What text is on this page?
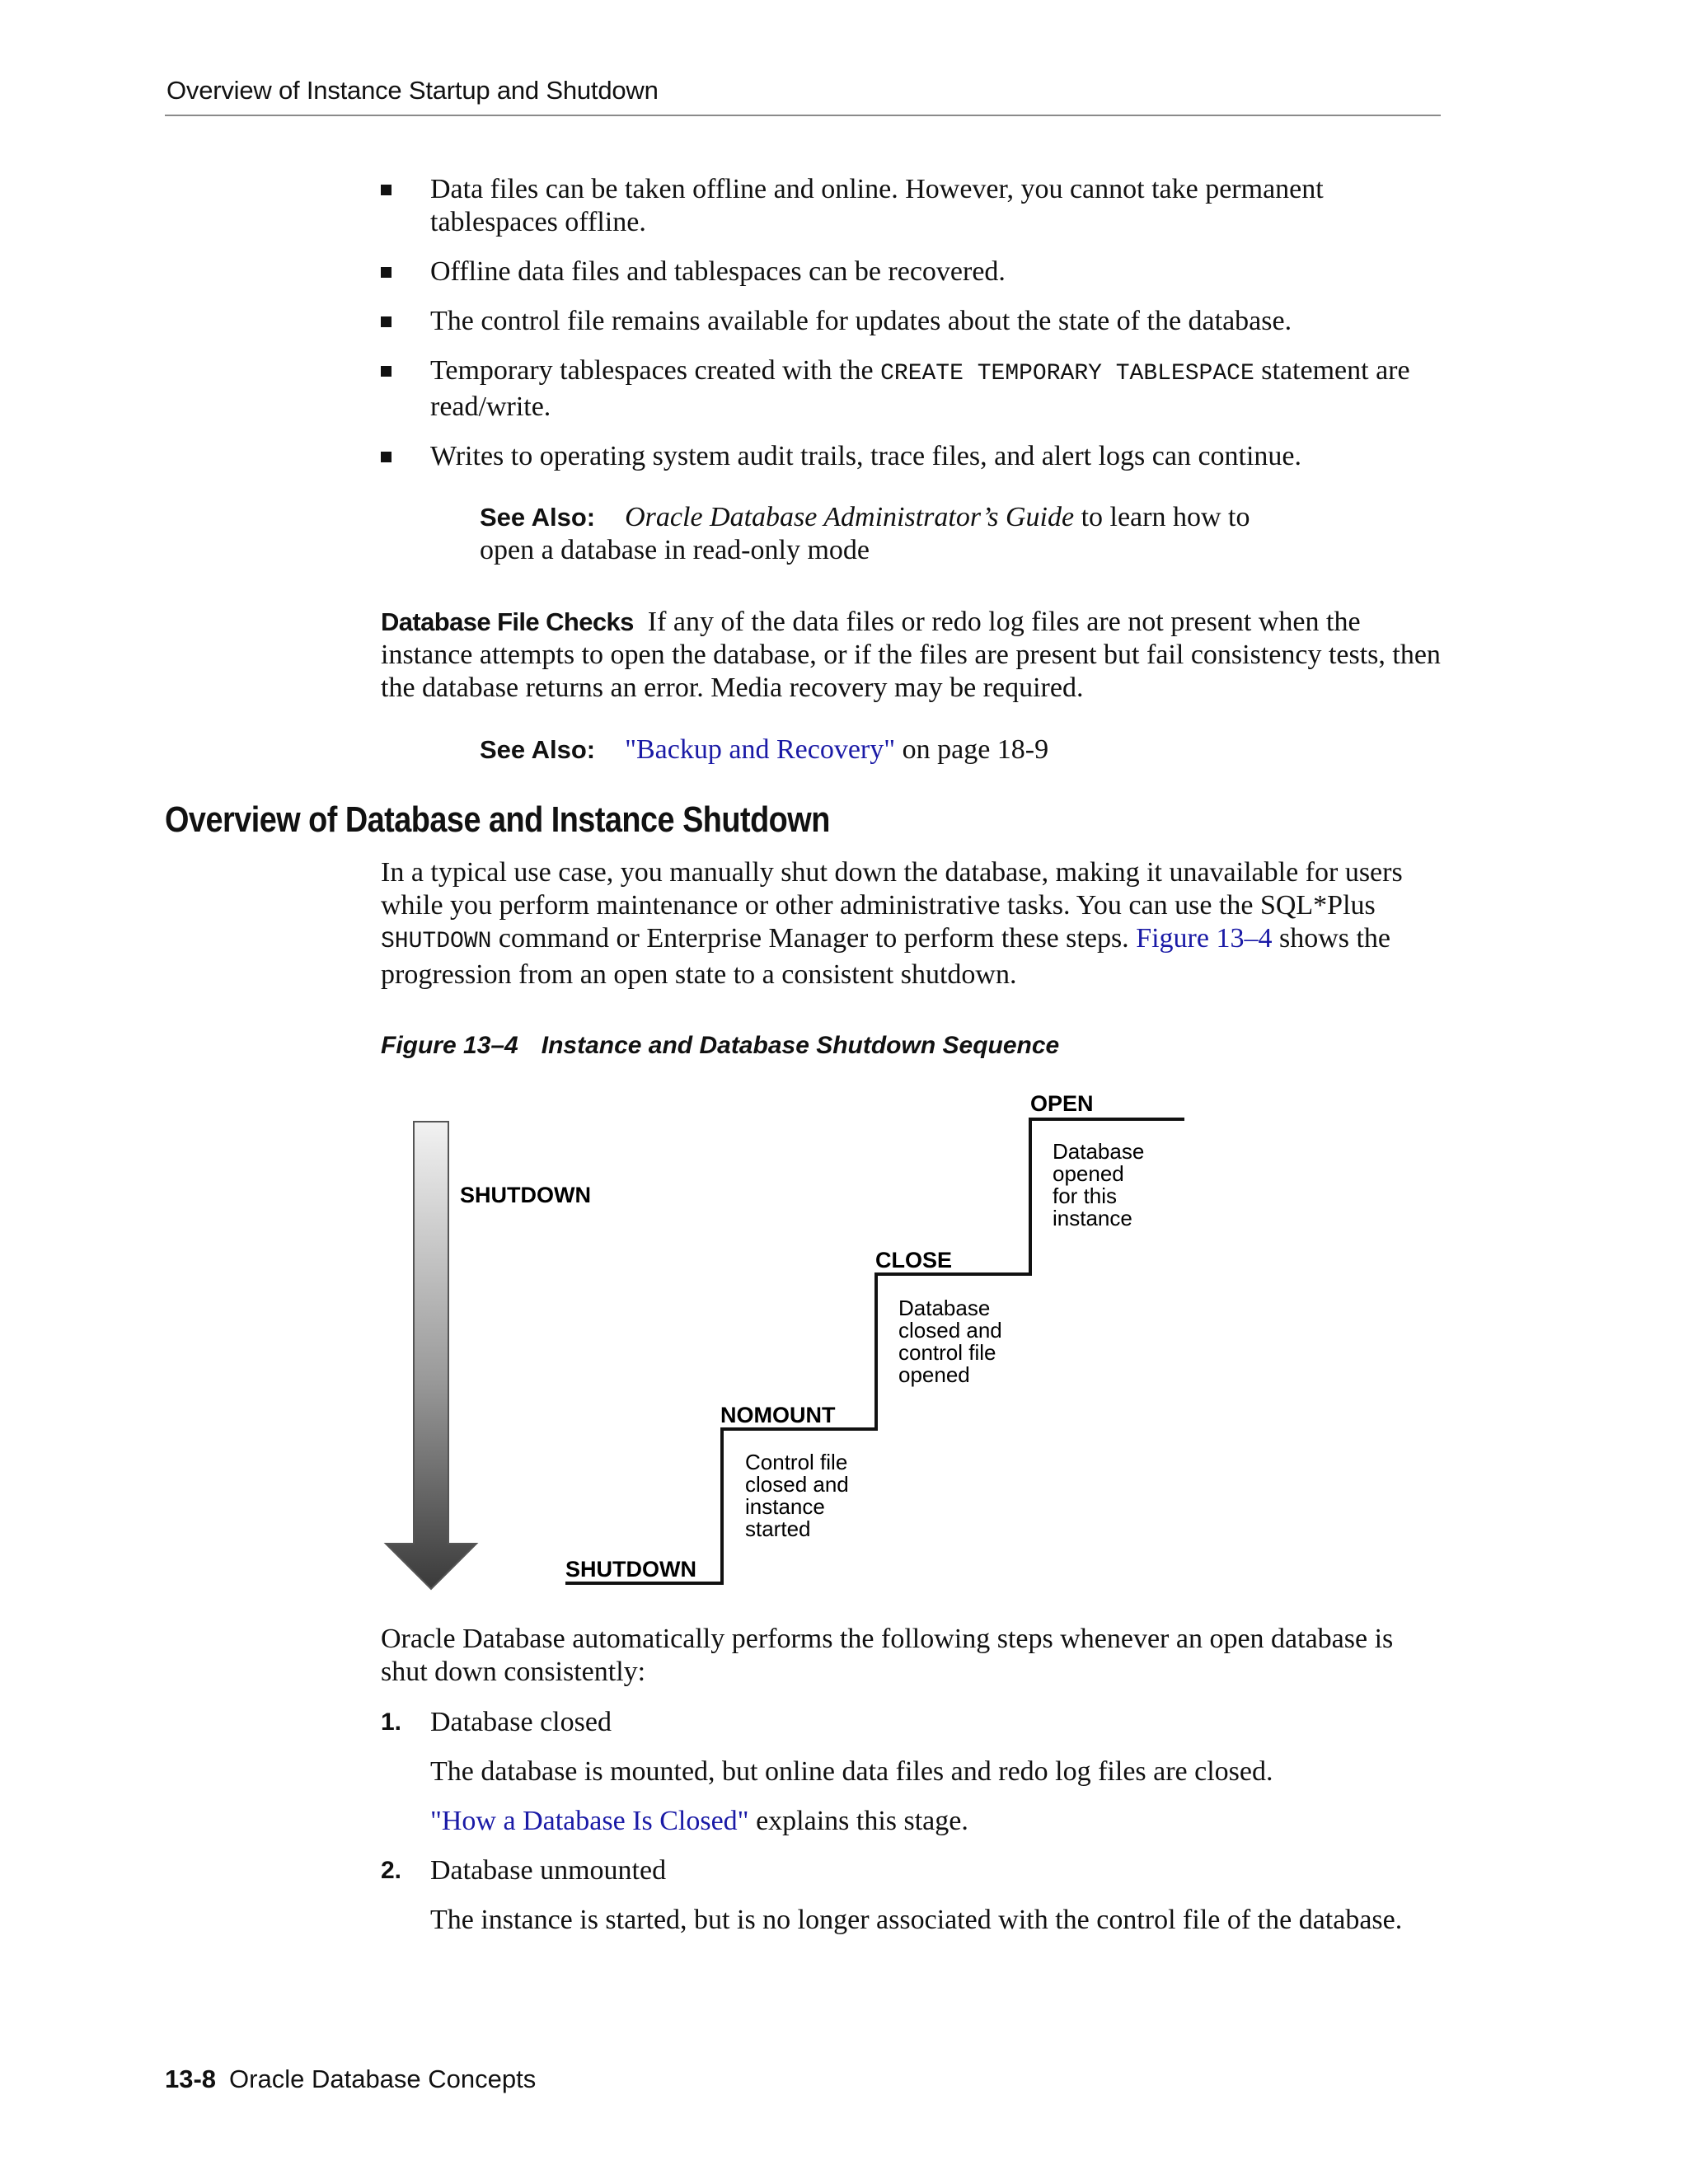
Overview of Instance Startup and Shutdown
Data files can be taken offline and online. However, you cannot take permanent tablespaces offline.
Offline data files and tablespaces can be recovered.
The control file remains available for updates about the state of the database.
Temporary tablespaces created with the CREATE TEMPORARY TABLESPACE statement are read/write.
Writes to operating system audit trails, trace files, and alert logs can continue.
See Also: Oracle Database Administrator’s Guide to learn how to open a database in read-only mode
Database File Checks If any of the data files or redo log files are not present when the instance attempts to open the database, or if the files are present but fail consistency tests, then the database returns an error. Media recovery may be required.
See Also: "Backup and Recovery" on page 18-9
Overview of Database and Instance Shutdown
In a typical use case, you manually shut down the database, making it unavailable for users while you perform maintenance or other administrative tasks. You can use the SQL*Plus SHUTDOWN command or Enterprise Manager to perform these steps. Figure 13–4 shows the progression from an open state to a consistent shutdown.
Figure 13–4 Instance and Database Shutdown Sequence
SHUTDOWN
OPEN
CLOSE
NOMOUNT
SHUTDOWN
Database
opened
for this
instance
Database
closed and
control file
opened
Control file
closed and
instance
started
Oracle Database automatically performs the following steps whenever an open database is shut down consistently:
1. Database closed
The database is mounted, but online data files and redo log files are closed.
"How a Database Is Closed" explains this stage.
2. Database unmounted
The instance is started, but is no longer associated with the control file of the database.
13-8 Oracle Database Concepts
